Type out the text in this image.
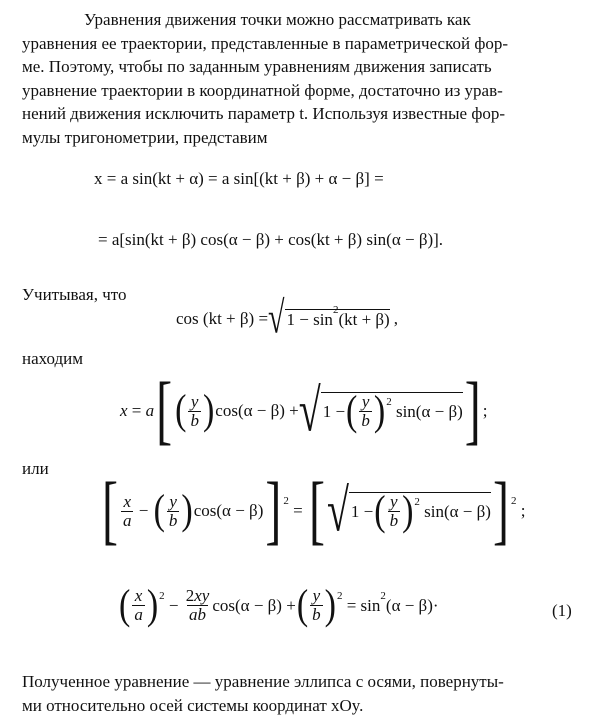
Уравнения движения точки можно рассматривать как
уравнения ее траектории, представленные в параметрической фор-
ме. Поэтому, чтобы по заданным уравнениям движения записать
уравнение траектории в координатной форме, достаточно из урав-
нений движения исключить параметр t. Используя известные фор-
мулы тригонометрии, представим
x = a sin(kt + α) = a sin[(kt + β) + α − β] =
= a[sin(kt + β) cos(α − β) + cos(kt + β) sin(α − β)].
Учитывая, что
cos (kt + β) = √ 1 − sin 2 (kt + β) ,
находим
x = a [ ( $\frac{y}{b}$ ) cos(α − β) + √ 1 − ( $\frac{y}{b}$ ) 2 sin(α − β) ] ;
или [ $\frac{x}{a}$ − ( $\frac{y}{b}$ ) cos(α − β) ] 2 = [ √ 1 − ( $\frac{y}{b}$ ) 2 sin(α − β) ] 2 ;
( $\frac{x}{a}$ ) $2 - \frac{2xy}{ab} \cos(\alpha - \beta)$ + ( $\frac{y}{b}$ ) 2 = sin 2 (α − β)·	(1)
Полученное уравнение — уравнение эллипса с осями, повернуты-
ми относительно осей системы координат xOy.
